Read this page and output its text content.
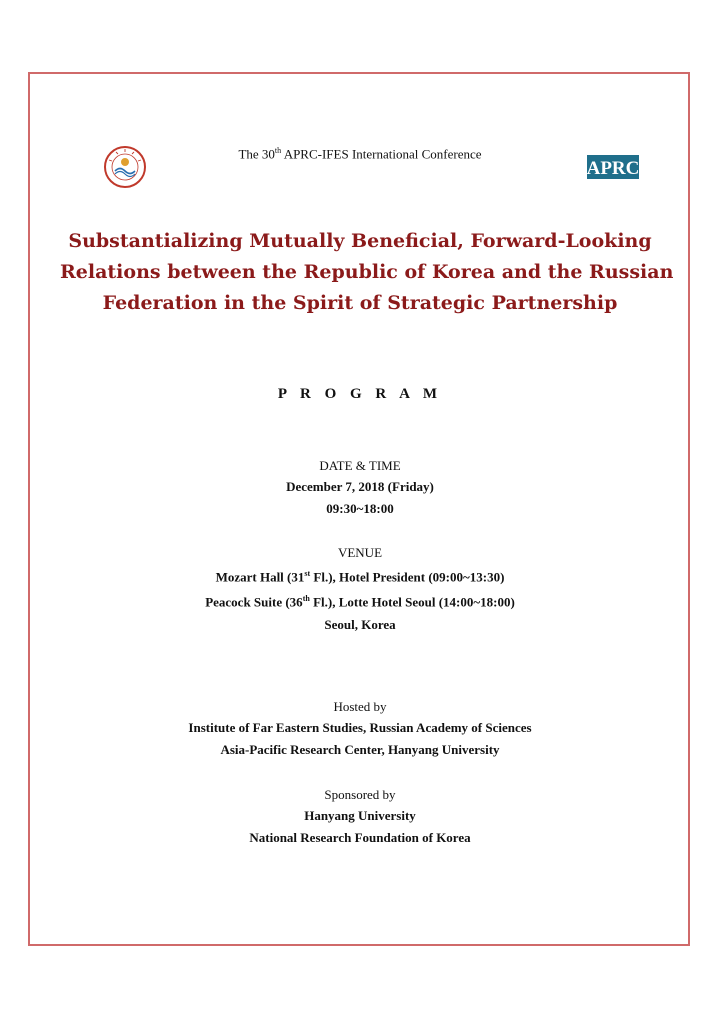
The 30th APRC-IFES International Conference
APRC
Substantializing Mutually Beneficial, Forward-Looking
Relations between the Republic of Korea and the Russian
Federation in the Spirit of Strategic Partnership
P R O G R A M
DATE & TIME
December 7, 2018 (Friday)
09:30~18:00
VENUE
Mozart Hall (31st Fl.), Hotel President (09:00~13:30)
Peacock Suite (36th Fl.), Lotte Hotel Seoul (14:00~18:00)
Seoul, Korea
Hosted by
Institute of Far Eastern Studies, Russian Academy of Sciences
Asia-Pacific Research Center, Hanyang University
Sponsored by
Hanyang University
National Research Foundation of Korea
